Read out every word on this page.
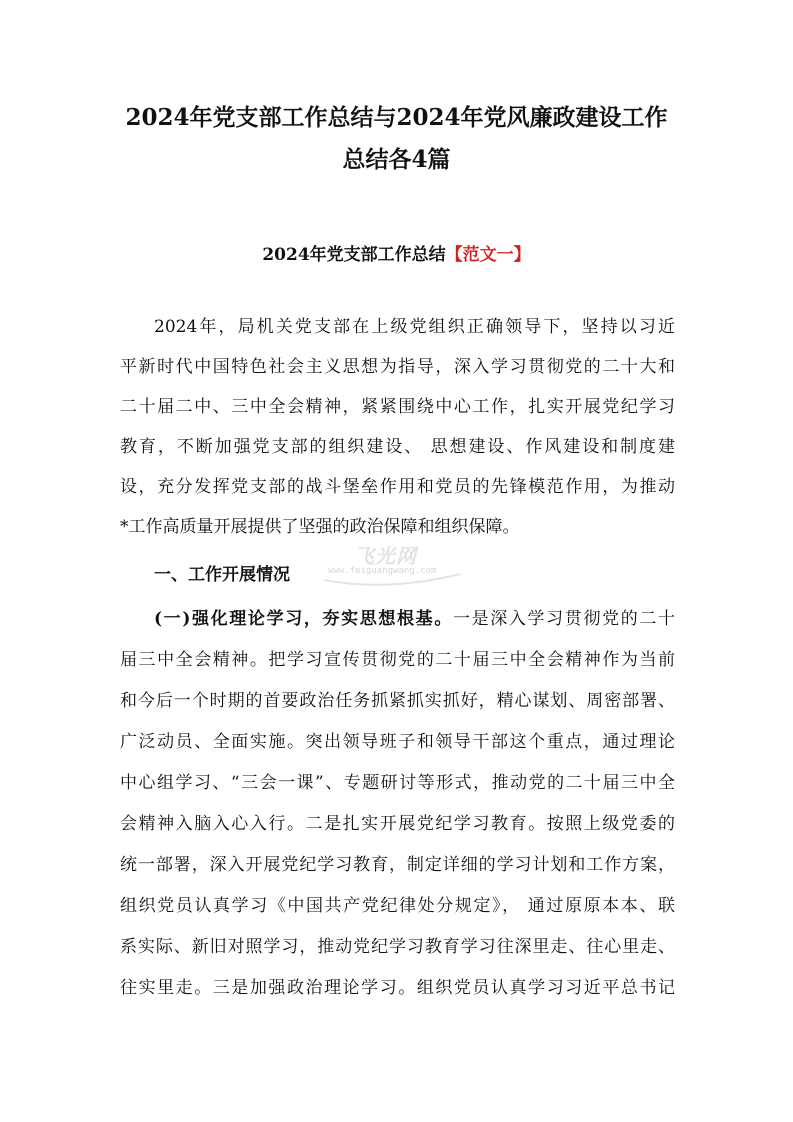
2024年党支部工作总结与2024年党风廉政建设工作
总结各4篇
2024年党支部工作总结【范文一】

2024年，局机关党支部在上级党组织正确领导下，坚持以习近

平新时代中国特色社会主义思想为指导，深入学习贯彻党的二十大和

二十届二中、三中全会精神，紧紧围绕中心工作，扎实开展党纪学习

教育，不断加强党支部的组织建设、 思想建设、作风建设和制度建

设，充分发挥党支部的战斗堡垒作用和党员的先锋模范作用，为推动

*工作高质量开展提供了坚强的政治保障和组织保障。

一、工作开展情况

(一)强化理论学习，夯实思想根基。一是深入学习贯彻党的二十

届三中全会精神。把学习宣传贯彻党的二十届三中全会精神作为当前

和今后一个时期的首要政治任务抓紧抓实抓好，精心谋划、周密部署、

广泛动员、全面实施。突出领导班子和领导干部这个重点，通过理论

中心组学习、“三会一课”、专题研讨等形式，推动党的二十届三中全

会精神入脑入心入行。二是扎实开展党纪学习教育。按照上级党委的

统一部署，深入开展党纪学习教育，制定详细的学习计划和工作方案，

组织党员认真学习《中国共产党纪律处分规定》， 通过原原本本、联

系实际、新旧对照学习，推动党纪学习教育学习往深里走、往心里走、

往实里走。三是加强政治理论学习。组织党员认真学习习近平总书记

飞光网
www.feiguangwang.com
